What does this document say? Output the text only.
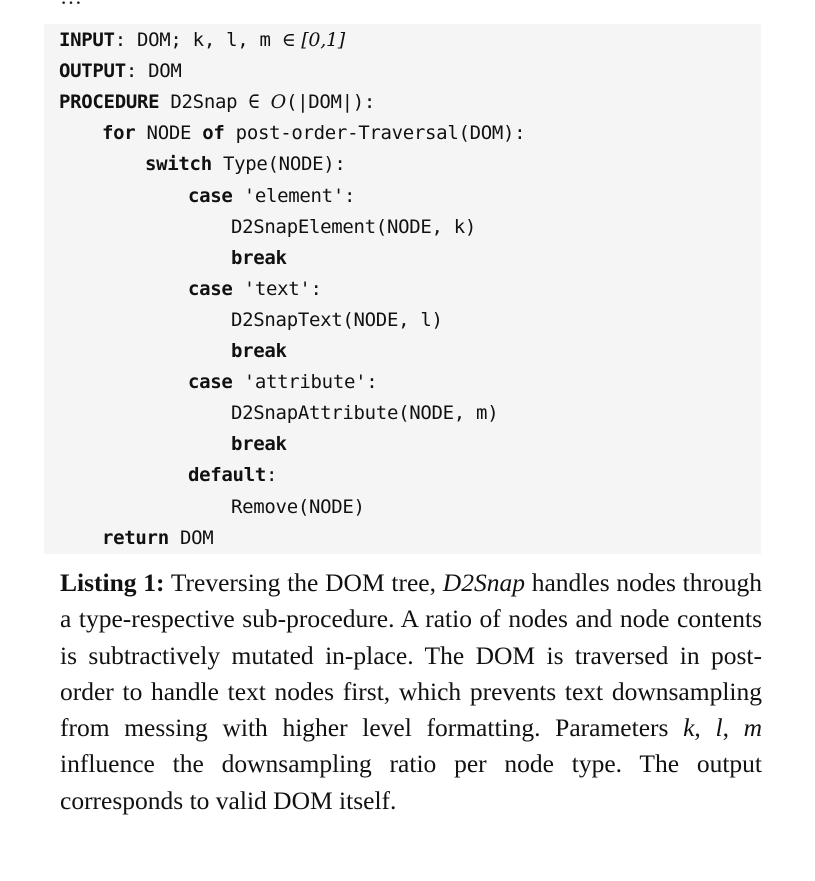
INPUT: DOM; k, l, m ∈ [0,1]
OUTPUT: DOM
PROCEDURE D2Snap ∈ O(|DOM|):
for NODE of post-order-Traversal(DOM):
switch Type(NODE):
case 'element':
D2SnapElement(NODE, k)
break
case 'text':
D2SnapText(NODE, l)
break
case 'attribute':
D2SnapAttribute(NODE, m)
break
default:
Remove(NODE)
return DOM
Listing 1: Treversing the DOM tree, D2Snap handles nodes through a type-respective sub-procedure. A ratio of nodes and node contents is subtractively mutated in-place. The DOM is traversed in post-order to handle text nodes first, which prevents text downsampling from messing with higher level formatting. Parameters k, l, m influence the downsampling ratio per node type. The output corresponds to valid DOM itself.
